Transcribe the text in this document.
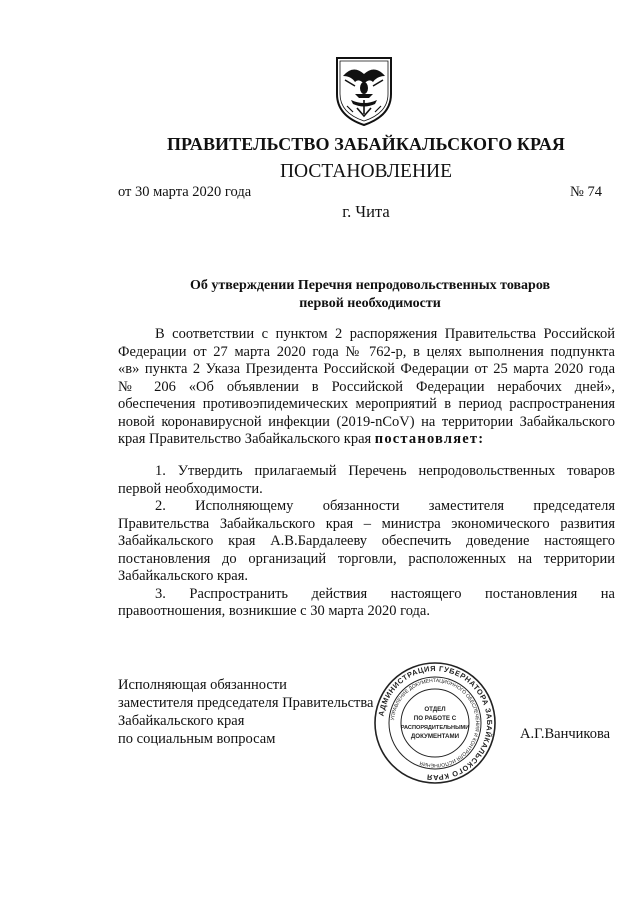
ПРАВИТЕЛЬСТВО ЗАБАЙКАЛЬСКОГО КРАЯ
ПОСТАНОВЛЕНИЕ
от 30 марта 2020 года	№ 74
г. Чита
Об утверждении Перечня непродовольственных товаров
первой необходимости
В соответствии с пунктом 2 распоряжения Правительства Российской
Федерации от 27 марта 2020 года № 762-р, в целях выполнения подпункта
«в» пункта 2 Указа Президента Российской Федерации от 25 марта 2020 года
№ 206 «Об объявлении в Российской Федерации нерабочих дней»,
обеспечения противоэпидемических мероприятий в период распространения
новой коронавирусной инфекции (2019-nCoV) на территории Забайкальского
края Правительство Забайкальского края постановляет:
1. Утвердить прилагаемый Перечень непродовольственных товаров
первой необходимости.
2. Исполняющему обязанности заместителя председателя
Правительства Забайкальского края – министра экономического развития
Забайкальского края А.В.Бардалееву обеспечить доведение настоящего
постановления до организаций торговли, расположенных на территории
Забайкальского края.
3. Распространить действия настоящего постановления на
правоотношения, возникшие с 30 марта 2020 года.
Исполняющая обязанности
заместителя председателя Правительства
Забайкальского края
по социальным вопросам	А.Г.Ванчикова
АДМИНИСТРАЦИЯ ГУБЕРНАТОРА ЗАБАЙКАЛЬСКОГО КРАЯ
УПРАВЛЕНИЕ ДОКУМЕНТАЦИОННОГО ОБЕСПЕЧЕНИЯ И КОНТРОЛЯ ИСПОЛНЕНИЯ
ОТДЕЛ
ПО РАБОТЕ С
РАСПОРЯДИТЕЛЬНЫМИ
ДОКУМЕНТАМИ
